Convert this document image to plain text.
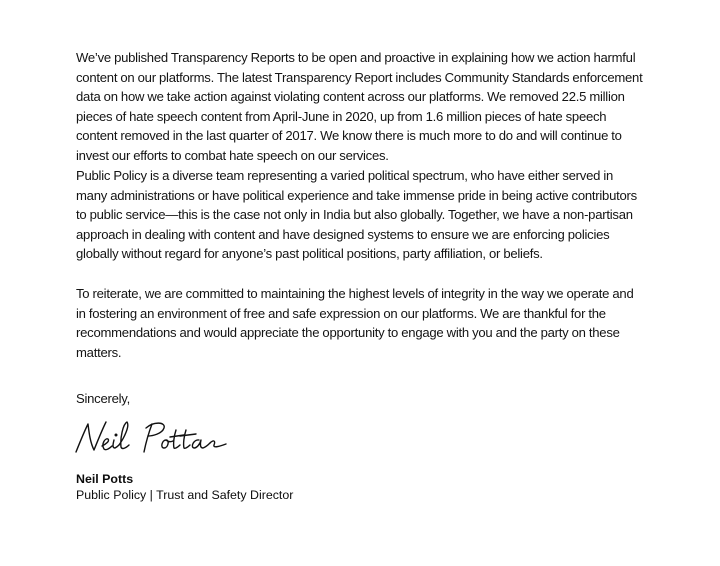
We’ve published Transparency Reports to be open and proactive in explaining how we action harmful content on our platforms. The latest Transparency Report includes Community Standards enforcement data on how we take action against violating content across our platforms. We removed 22.5 million pieces of hate speech content from April-June in 2020, up from 1.6 million pieces of hate speech content removed in the last quarter of 2017. We know there is much more to do and will continue to invest our efforts to combat hate speech on our services.

Public Policy is a diverse team representing a varied political spectrum, who have either served in many administrations or have political experience and take immense pride in being active contributors to public service—this is the case not only in India but also globally. Together, we have a non-partisan approach in dealing with content and have designed systems to ensure we are enforcing policies globally without regard for anyone’s past political positions, party affiliation, or beliefs.

To reiterate, we are committed to maintaining the highest levels of integrity in the way we operate and in fostering an environment of free and safe expression on our platforms. We are thankful for the recommendations and would appreciate the opportunity to engage with you and the party on these matters.

Sincerely,

Neil Potts

Public Policy | Trust and Safety Director
